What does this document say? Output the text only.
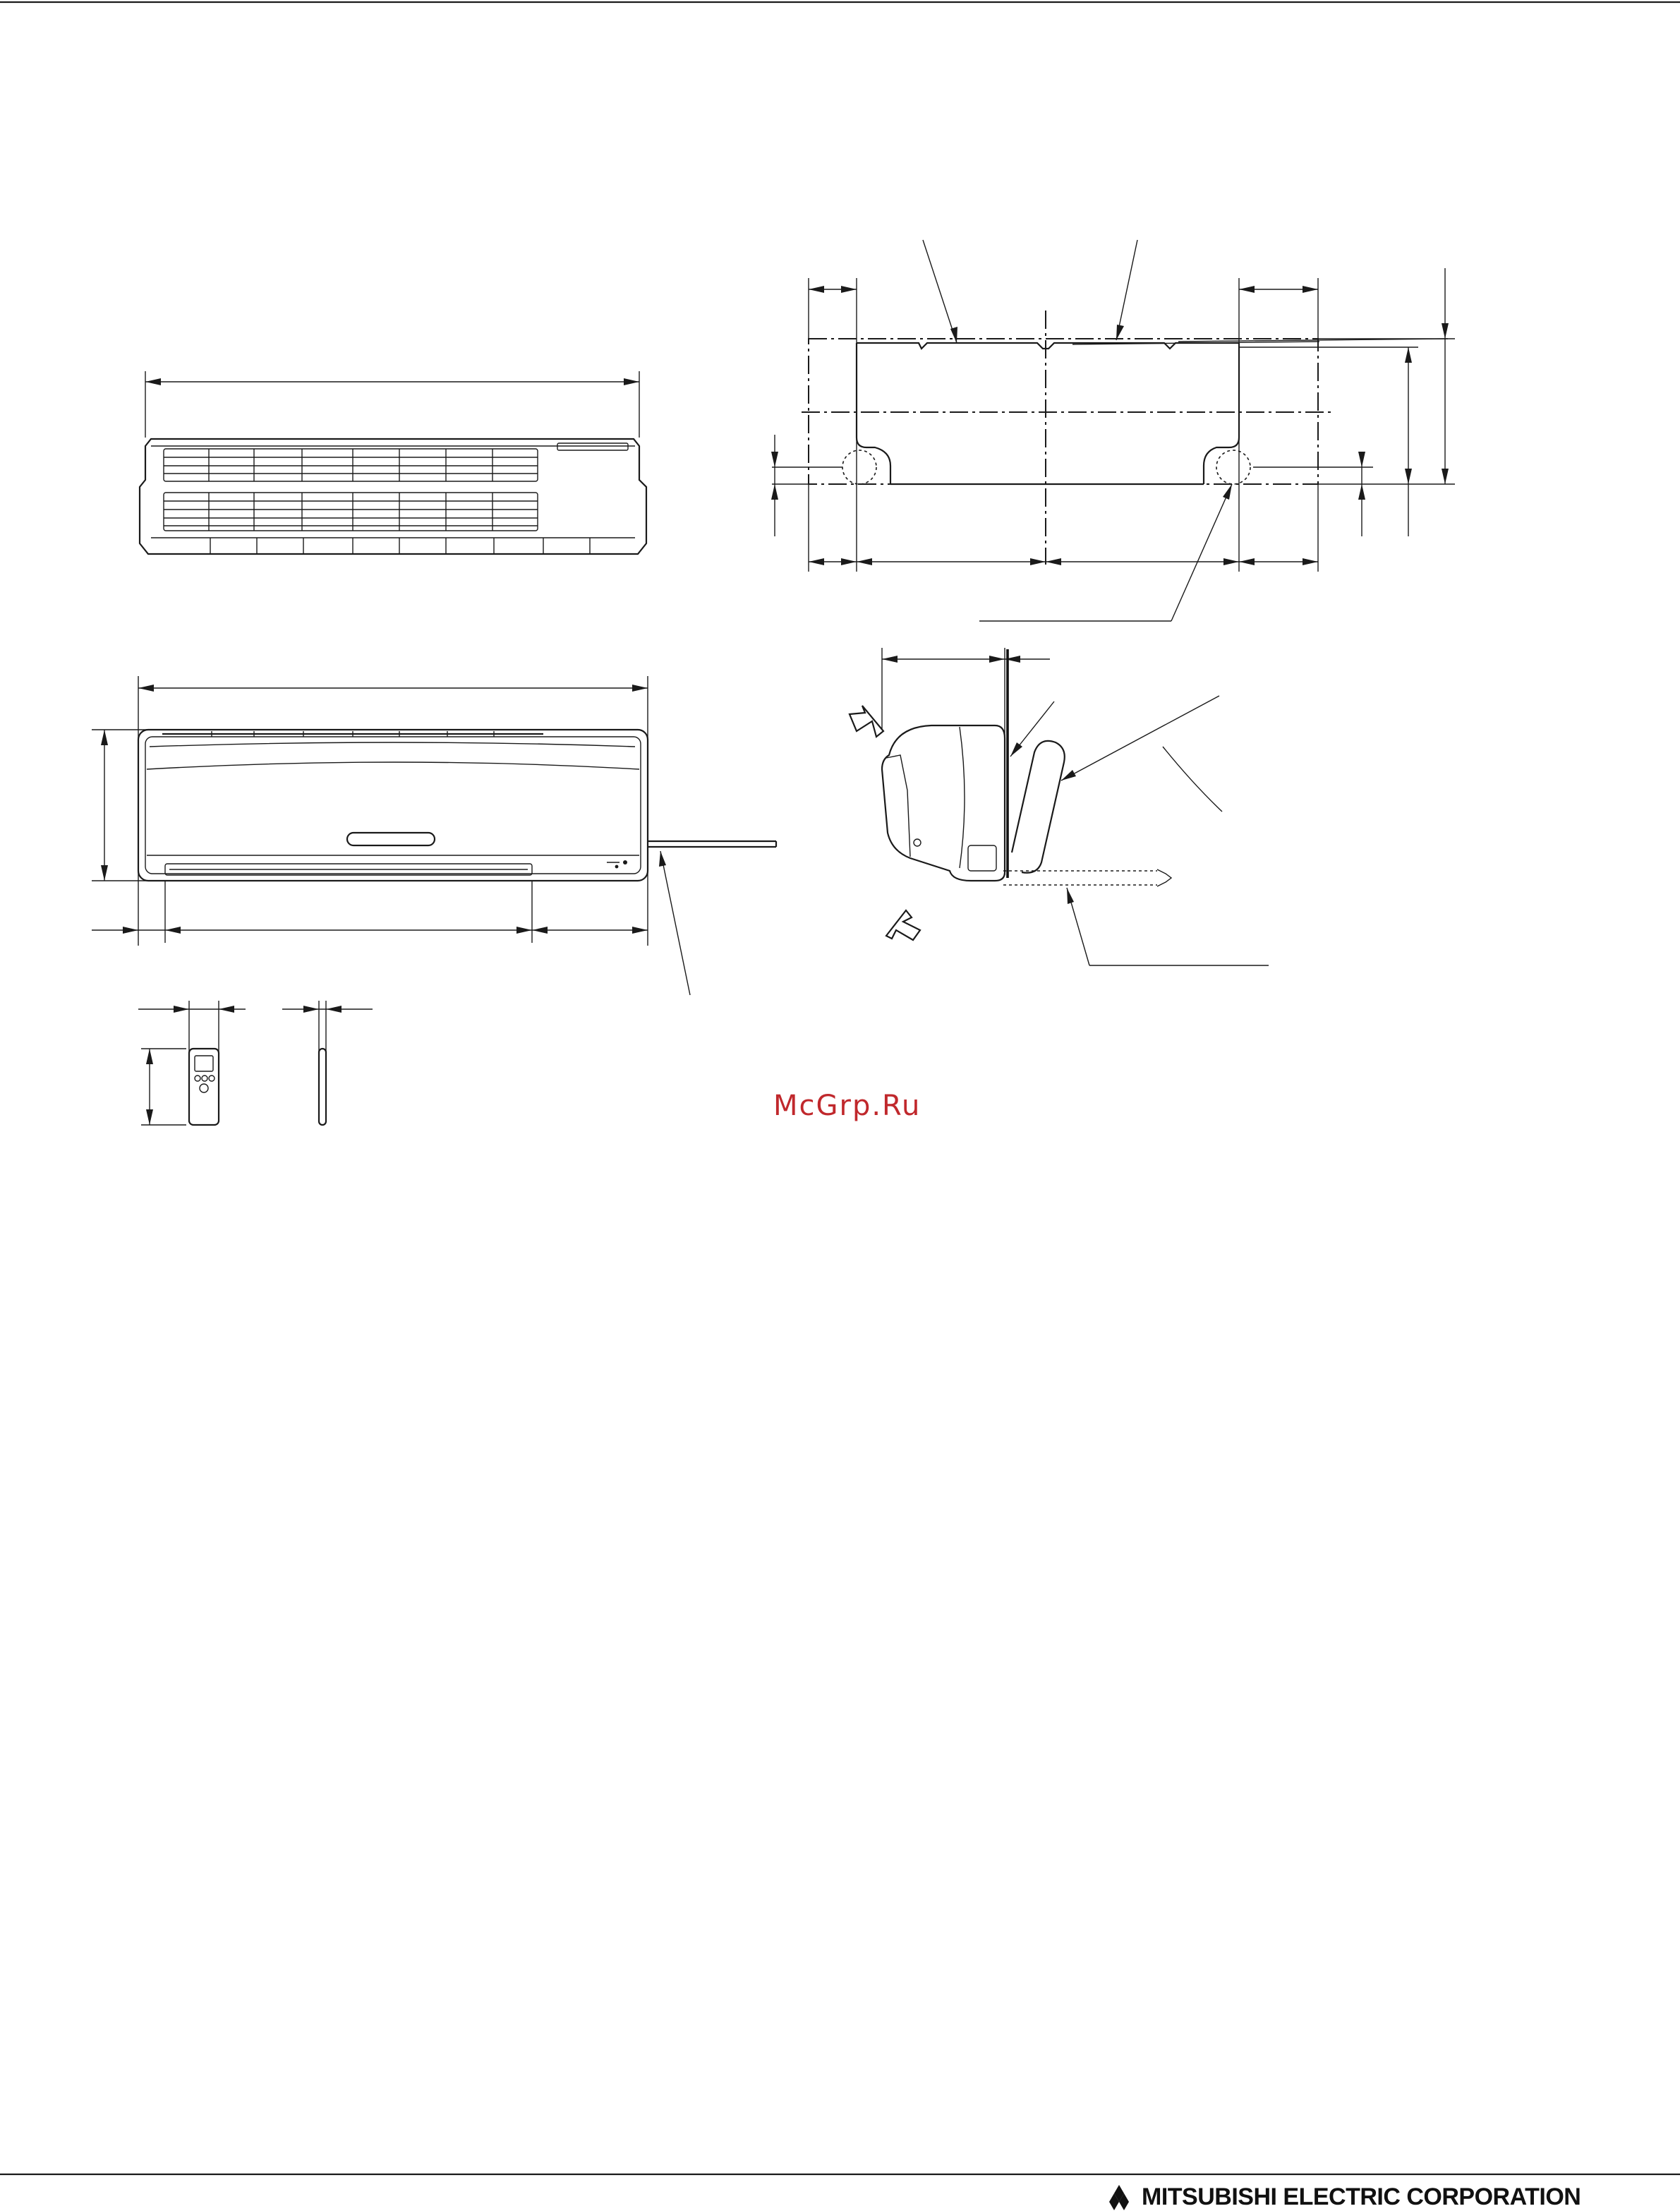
McGrp.Ru
MITSUBISHI ELECTRIC CORPORATION
